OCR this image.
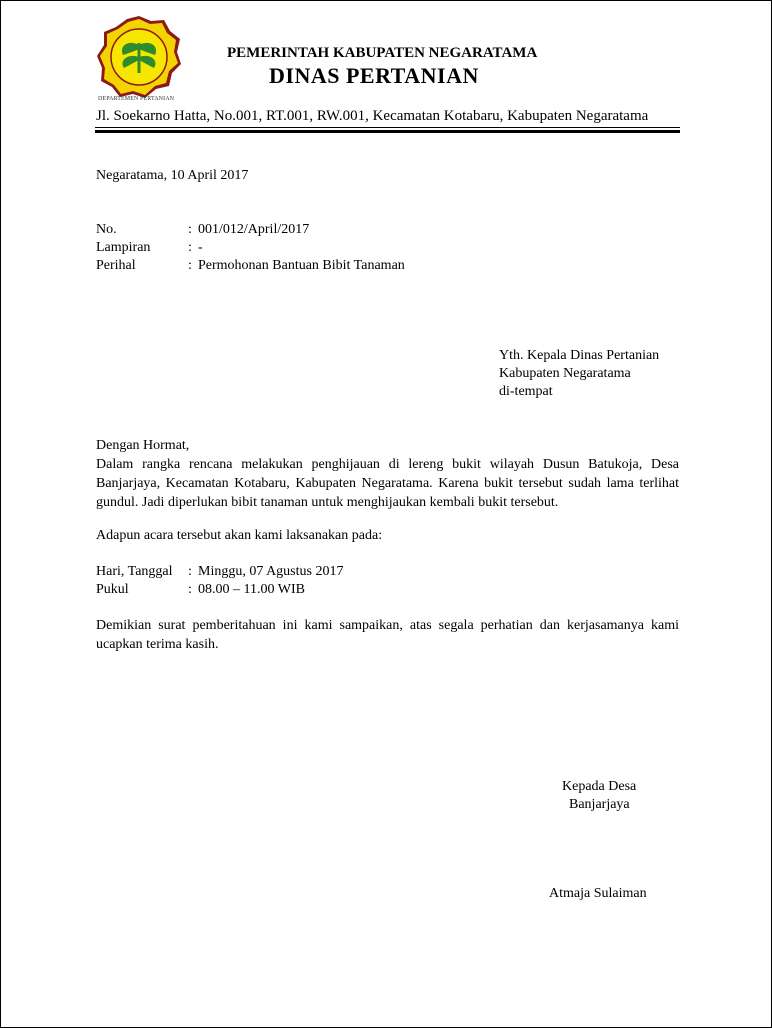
DEPARTEMEN PERTANIAN
PEMERINTAH KABUPATEN NEGARATAMA
DINAS PERTANIAN
Jl. Soekarno Hatta, No.001, RT.001, RW.001, Kecamatan Kotabaru, Kabupaten Negaratama
Negaratama, 10 April 2017
No.	: 001/012/April/2017
Lampiran	: -
Perihal	: Permohonan Bantuan Bibit Tanaman
Yth. Kepala Dinas Pertanian
Kabupaten Negaratama
di-tempat
Dengan Hormat,
Dalam rangka rencana melakukan penghijauan di lereng bukit wilayah Dusun Batukoja, Desa Banjarjaya, Kecamatan Kotabaru, Kabupaten Negaratama. Karena bukit tersebut sudah lama terlihat gundul. Jadi diperlukan bibit tanaman untuk menghijaukan kembali bukit tersebut.
Adapun acara tersebut akan kami laksanakan pada:
Hari, Tanggal : Minggu, 07 Agustus 2017
Pukul	: 08.00 – 11.00 WIB
Demikian surat pemberitahuan ini kami sampaikan, atas segala perhatian dan kerjasamanya kami ucapkan terima kasih.
Kepada Desa
Banjarjaya
Atmaja Sulaiman
